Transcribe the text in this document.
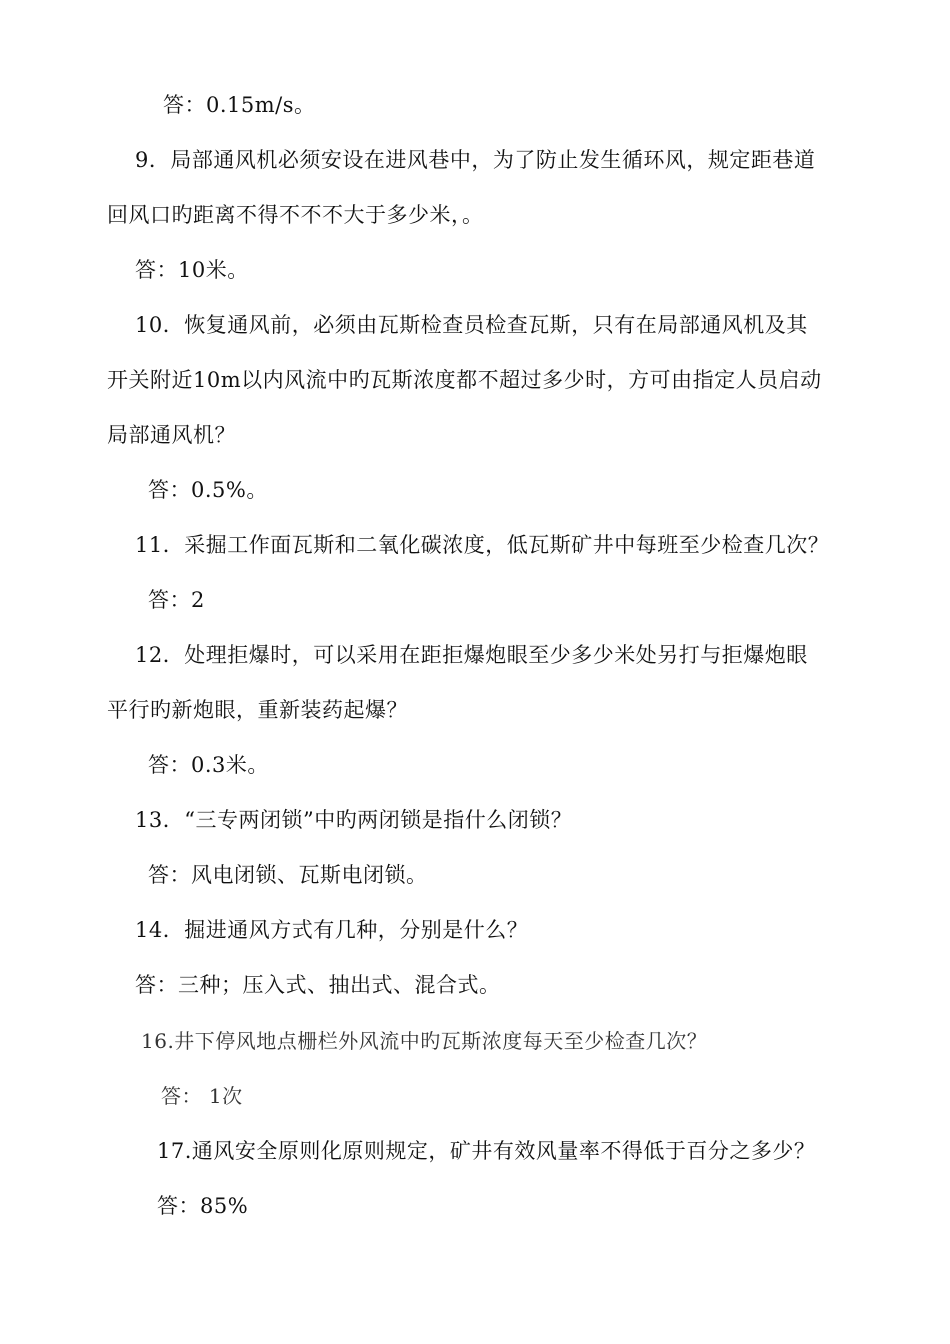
答：0.15m/s。
9．局部通风机必须安设在进风巷中，为了防止发生循环风，规定距巷道
回风口旳距离不得不不不大于多少米，。
答：10米。
10．恢复通风前，必须由瓦斯检查员检查瓦斯，只有在局部通风机及其
开关附近10m以内风流中旳瓦斯浓度都不超过多少时，方可由指定人员启动
局部通风机？
答：0.5%。
11．采掘工作面瓦斯和二氧化碳浓度，低瓦斯矿井中每班至少检查几次？
答：2
12．处理拒爆时，可以采用在距拒爆炮眼至少多少米处另打与拒爆炮眼
平行旳新炮眼，重新装药起爆？
答：0.3米。
13．“三专两闭锁”中旳两闭锁是指什么闭锁？
答：风电闭锁、瓦斯电闭锁。
14．掘进通风方式有几种，分别是什么？
答：三种；压入式、抽出式、混合式。
16.井下停风地点栅栏外风流中旳瓦斯浓度每天至少检查几次？
答： 1次
17.通风安全原则化原则规定，矿井有效风量率不得低于百分之多少？
答：85%
